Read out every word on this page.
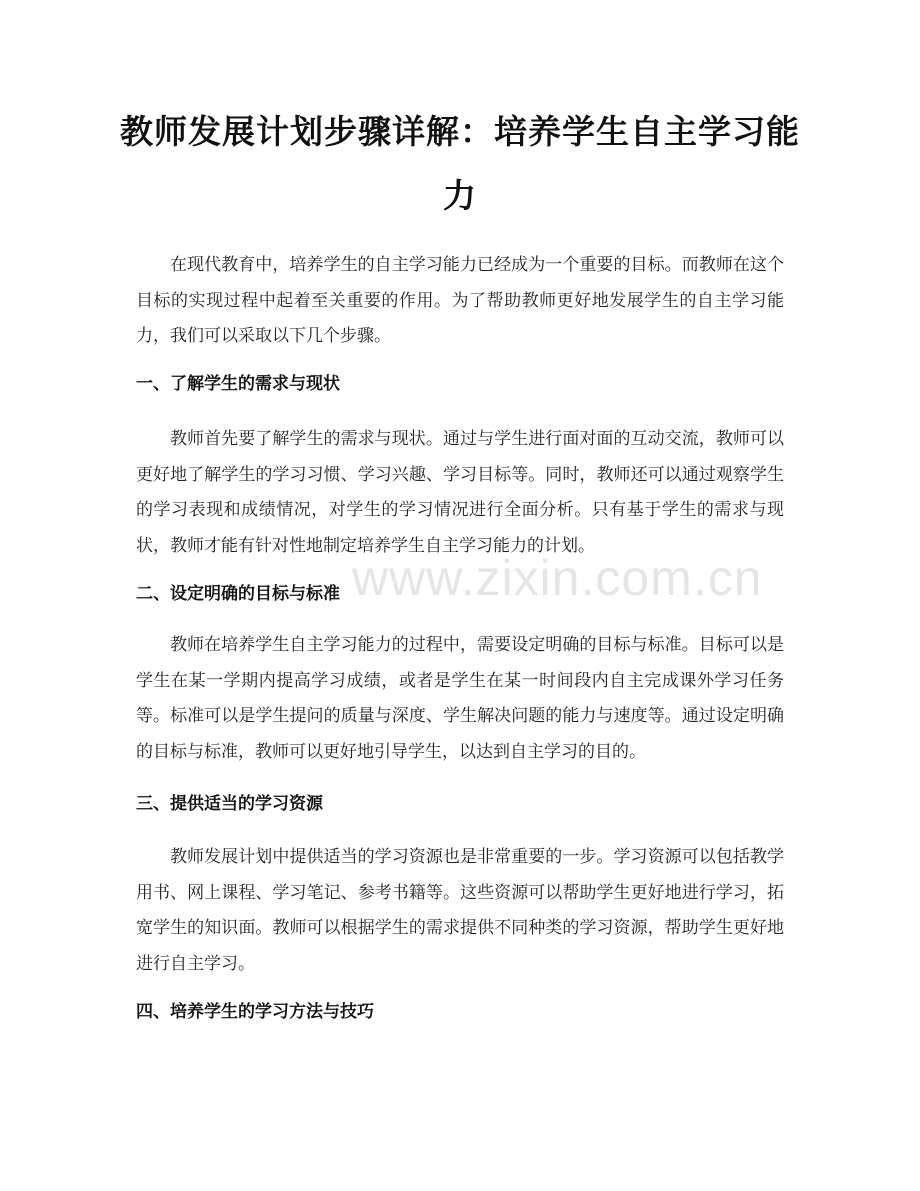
教师发展计划步骤详解：培养学生自主学习能力

在现代教育中，培养学生的自主学习能力已经成为一个重要的目标。而教师在这个目标的实现过程中起着至关重要的作用。为了帮助教师更好地发展学生的自主学习能力，我们可以采取以下几个步骤。

一、了解学生的需求与现状

教师首先要了解学生的需求与现状。通过与学生进行面对面的互动交流，教师可以更好地了解学生的学习习惯、学习兴趣、学习目标等。同时，教师还可以通过观察学生的学习表现和成绩情况，对学生的学习情况进行全面分析。只有基于学生的需求与现状，教师才能有针对性地制定培养学生自主学习能力的计划。

二、设定明确的目标与标准

教师在培养学生自主学习能力的过程中，需要设定明确的目标与标准。目标可以是学生在某一学期内提高学习成绩，或者是学生在某一时间段内自主完成课外学习任务等。标准可以是学生提问的质量与深度、学生解决问题的能力与速度等。通过设定明确的目标与标准，教师可以更好地引导学生，以达到自主学习的目的。

三、提供适当的学习资源

教师发展计划中提供适当的学习资源也是非常重要的一步。学习资源可以包括教学用书、网上课程、学习笔记、参考书籍等。这些资源可以帮助学生更好地进行学习，拓宽学生的知识面。教师可以根据学生的需求提供不同种类的学习资源，帮助学生更好地进行自主学习。

四、培养学生的学习方法与技巧
www.zixin.com.cn
